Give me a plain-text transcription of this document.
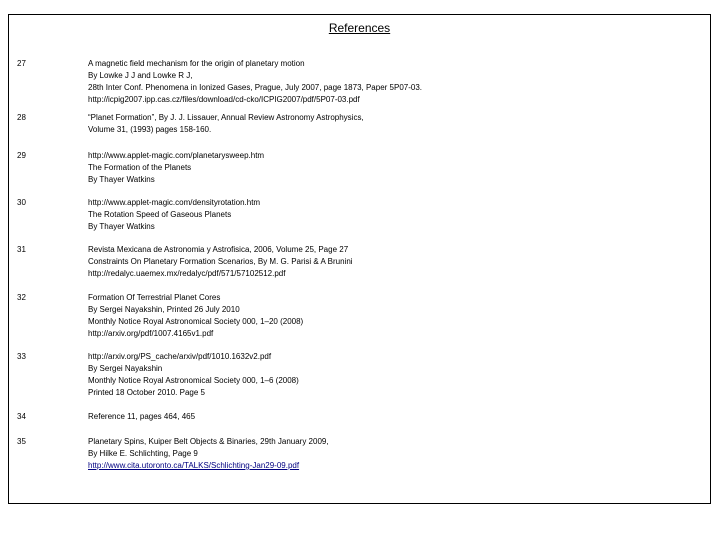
References
27	A magnetic field mechanism for the origin of planetary motion
By Lowke J J and Lowke R J,
28th Inter Conf. Phenomena in Ionized Gases, Prague, July 2007, page 1873, Paper 5P07-03.
http://icpig2007.ipp.cas.cz/files/download/cd-cko/ICPIG2007/pdf/5P07-03.pdf
28	“Planet Formation”, By J. J. Lissauer, Annual Review Astronomy Astrophysics,
Volume 31, (1993) pages 158-160.
29	http://www.applet-magic.com/planetarysweep.htm
The Formation of the Planets
By Thayer Watkins
30	http://www.applet-magic.com/densityrotation.htm
The Rotation Speed of Gaseous Planets
By Thayer Watkins
31	Revista Mexicana de Astronomia y Astrofisica, 2006, Volume 25, Page 27
Constraints On Planetary Formation Scenarios, By M. G. Parisi & A Brunini
http://redalyc.uaemex.mx/redalyc/pdf/571/57102512.pdf
32	Formation Of Terrestrial Planet Cores
By Sergei Nayakshin, Printed 26 July 2010
Monthly Notice Royal Astronomical Society 000, 1–20 (2008)
http://arxiv.org/pdf/1007.4165v1.pdf
33	http://arxiv.org/PS_cache/arxiv/pdf/1010.1632v2.pdf
By Sergei Nayakshin
Monthly Notice Royal Astronomical Society 000, 1–6 (2008)
Printed 18 October 2010. Page 5
34	Reference 11, pages 464, 465
35	Planetary Spins, Kuiper Belt Objects & Binaries, 29th January 2009,
By Hilke E. Schlichting, Page 9
http://www.cita.utoronto.ca/TALKS/Schlichting-Jan29-09.pdf
